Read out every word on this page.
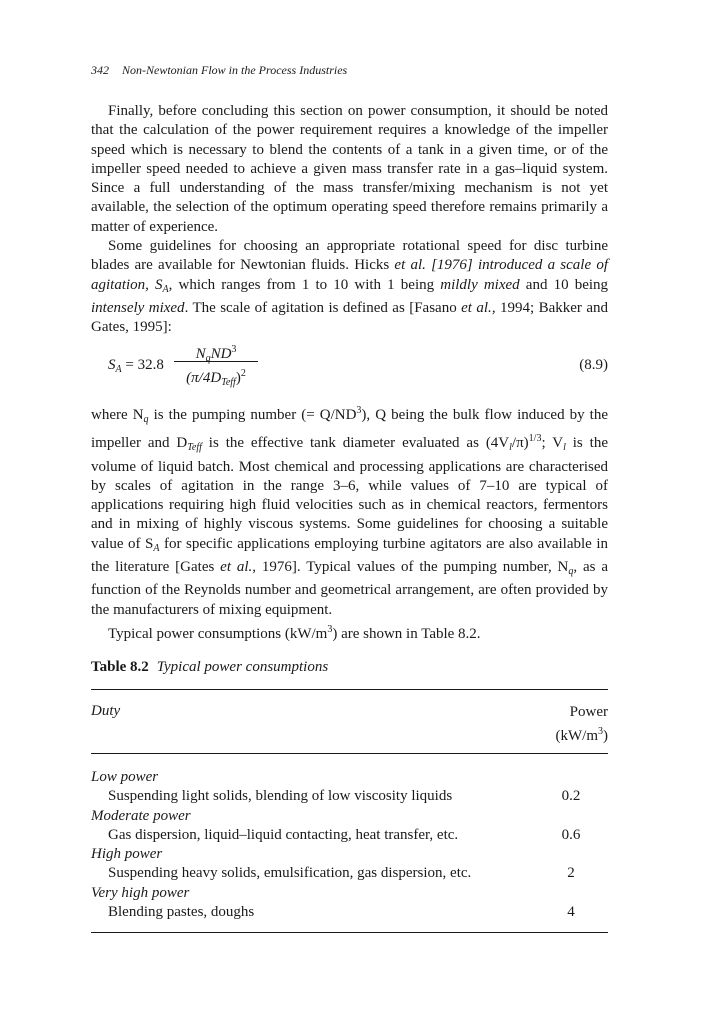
342 Non-Newtonian Flow in the Process Industries

Finally, before concluding this section on power consumption, it should be noted that the calculation of the power requirement requires a knowledge of the impeller speed which is necessary to blend the contents of a tank in a given time, or of the impeller speed needed to achieve a given mass transfer rate in a gas–liquid system. Since a full understanding of the mass transfer/mixing mechanism is not yet available, the selection of the optimum operating speed therefore remains primarily a matter of experience.

Some guidelines for choosing an appropriate rotational speed for disc turbine blades are available for Newtonian fluids. Hicks et al. [1976] introduced a scale of agitation, $S_A$, which ranges from 1 to 10 with 1 being mildly mixed and 10 being intensely mixed. The scale of agitation is defined as [Fasano et al., 1994; Bakker and Gates, 1995]:

$S_A = 32.8$
$N_qND^3$
$(\pi/4D_{Teff})^2$
(8.9)

where $N_q$ is the pumping number (= $Q/ND^3$), Q being the bulk flow induced by the impeller and $D_{Teff}$ is the effective tank diameter evaluated as $(4V_l/\pi)^{1/3}$; $V_l$ is the volume of liquid batch. Most chemical and processing applications are characterised by scales of agitation in the range 3–6, while values of 7–10 are typical of applications requiring high fluid velocities such as in chemical reactors, fermentors and in mixing of highly viscous systems. Some guidelines for choosing a suitable value of $S_A$ for specific applications employing turbine agitators are also available in the literature [Gates et al., 1976]. Typical values of the pumping number, $N_q$, as a function of the Reynolds number and geometrical arrangement, are often provided by the manufacturers of mixing equipment.

Typical power consumptions $(kW/m^3)$ are shown in Table 8.2.

Table 8.2 Typical power consumptions
Duty	Power
$(kW/m^3)$
Low power
Suspending light solids, blending of low viscosity liquids	0.2
Moderate power
Gas dispersion, liquid–liquid contacting, heat transfer, etc.	0.6
High power
Suspending heavy solids, emulsification, gas dispersion, etc.	2
Very high power
Blending pastes, doughs	4
